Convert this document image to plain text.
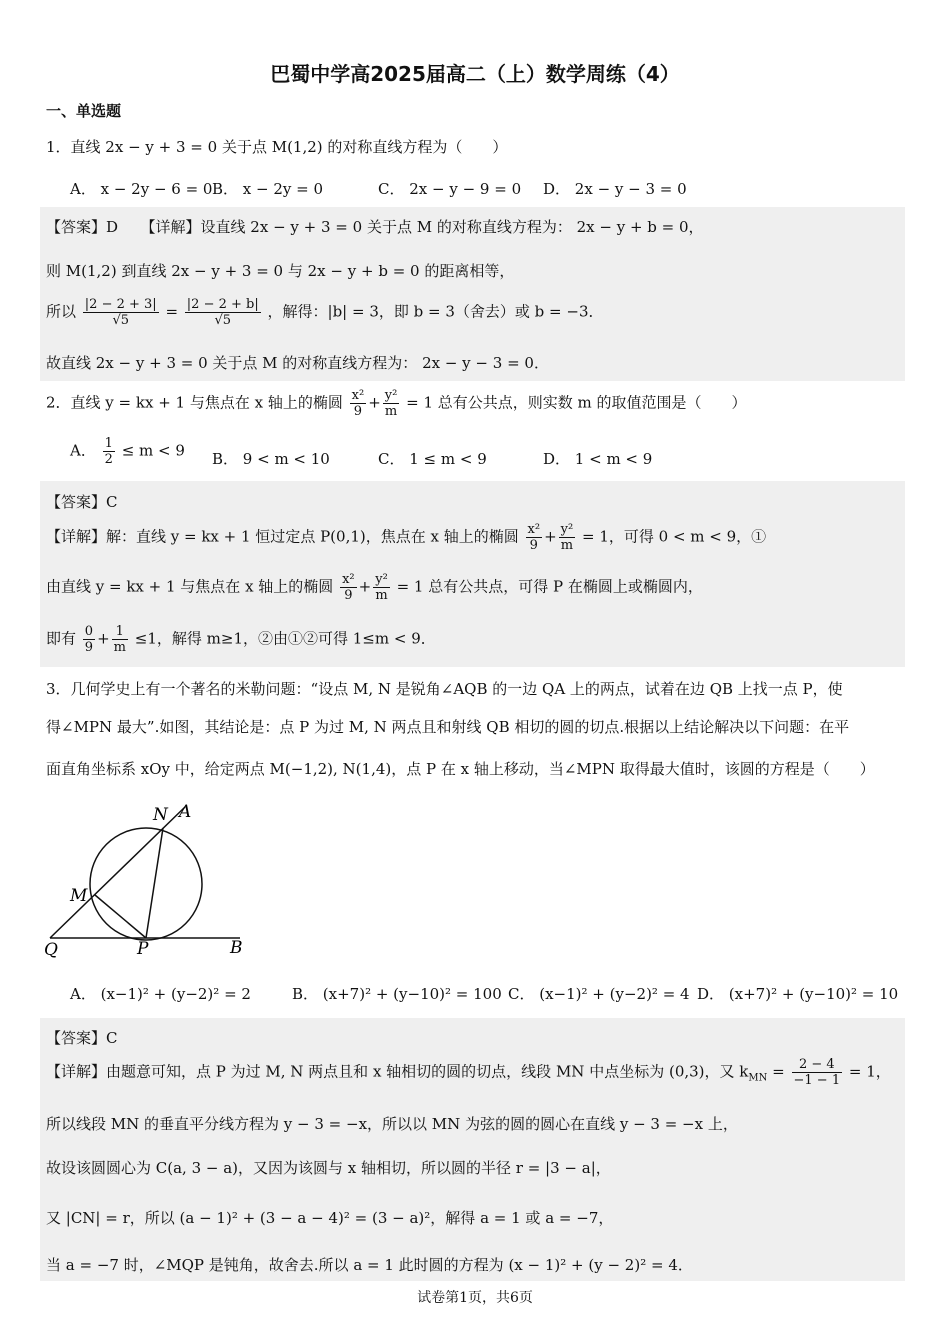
巴蜀中学高2025届高二（上）数学周练（4）
一、单选题
1．直线 2x − y + 3 = 0 关于点 M(1,2) 的对称直线方程为（　　）
A． x − 2y − 6 = 0 B． x − 2y = 0	C． 2x − y − 9 = 0 D． 2x − y − 3 = 0
【答案】D　　【详解】设直线 2x − y + 3 = 0 关于点 M 的对称直线方程为： 2x − y + b = 0，
则 M(1,2) 到直线 2x − y + 3 = 0 与 2x − y + b = 0 的距离相等，
所以 $\frac{|2 - 2 + 3|}{√5} = \frac{|2 - 2 + b|}{√5}$ ，解得：|b| = 3，即 b = 3（舍去）或 b = −3．
故直线 2x − y + 3 = 0 关于点 M 的对称直线方程为： 2x − y − 3 = 0．
2．直线 y = kx + 1 与焦点在 x 轴上的椭圆 $\frac{\text{x²}}{9} + \frac{\text{y²}}{m} = 1$ 总有公共点，则实数 m 的取值范围是（　　）
A． $\frac{1}{2} \le m < 9$ B． 9 < m < 10	C． 1 ≤ m < 9	D． 1 < m < 9
【答案】C
【详解】解：直线 y = kx + 1 恒过定点 P(0,1)，焦点在 x 轴上的椭圆 $\frac{\text{x²}}{9} + \frac{\text{y²}}{m} = 1$，可得 0 < m < 9，①
由直线 y = kx + 1 与焦点在 x 轴上的椭圆 $\frac{\text{x²}}{9} + \frac{\text{y²}}{m} = 1$ 总有公共点，可得 P 在椭圆上或椭圆内，
即有 $\frac{0}{9} + \frac{1}{m} \le 1$，解得 m≥1，②由①②可得 1≤m < 9．
3．几何学史上有一个著名的米勒问题：“设点 M, N 是锐角∠AQB 的一边 QA 上的两点，试着在边 QB 上找一点 P，使
得∠MPN 最大”.如图，其结论是：点 P 为过 M, N 两点且和射线 QB 相切的圆的切点.根据以上结论解决以下问题：在平
面直角坐标系 xOy 中，给定两点 M(−1,2), N(1,4)，点 P 在 x 轴上移动，当∠MPN 取得最大值时，该圆的方程是（　　）
N A
M
Q	P	B
A． (x−1)² + (y−2)² = 2	B． (x+7)² + (y−10)² = 100 C． (x−1)² + (y−2)² = 4 D． (x+7)² + (y−10)² = 10
【答案】C
【详解】由题意可知，点 P 为过 M, N 两点且和 x 轴相切的圆的切点，线段 MN 中点坐标为 (0,3)，又 $k_{MN} = \frac{2 - 4}{-1 - 1} = 1$，
所以线段 MN 的垂直平分线方程为 y − 3 = −x，所以以 MN 为弦的圆的圆心在直线 y − 3 = −x 上，
故设该圆圆心为 C(a, 3 − a)，又因为该圆与 x 轴相切，所以圆的半径 r = |3 − a|，
又 |CN| = r，所以 (a − 1)² + (3 − a − 4)² = (3 − a)²，解得 a = 1 或 a = −7，
当 a = −7 时，∠MQP 是钝角，故舍去.所以 a = 1 此时圆的方程为 (x − 1)² + (y − 2)² = 4．
试卷第1页，共6页
